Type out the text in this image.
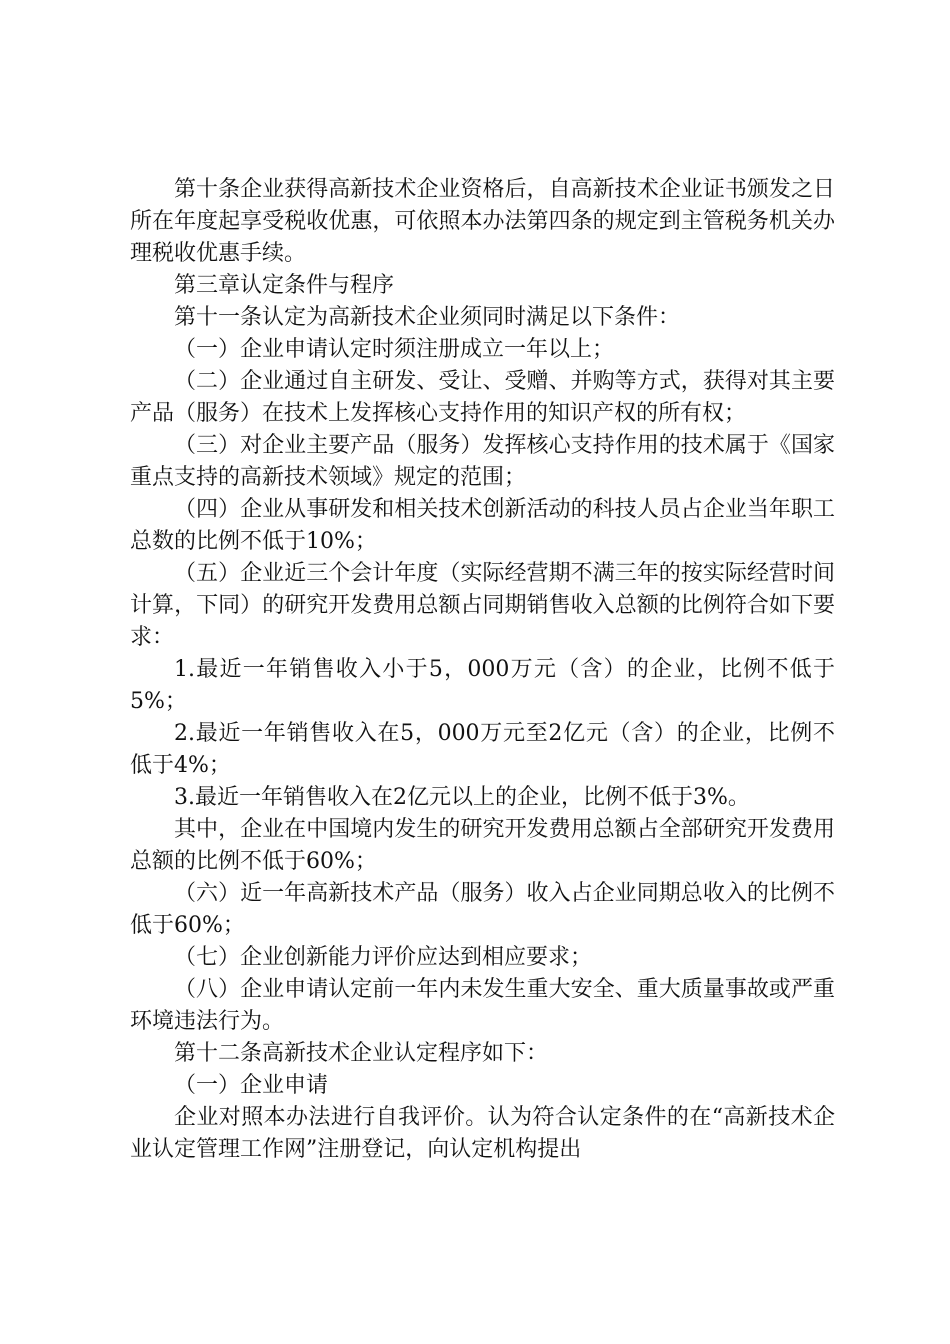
第十条企业获得高新技术企业资格后，自高新技术企业证书颁发之日所在年度起享受税收优惠，可依照本办法第四条的规定到主管税务机关办理税收优惠手续。

第三章认定条件与程序

第十一条认定为高新技术企业须同时满足以下条件：

（一）企业申请认定时须注册成立一年以上；

（二）企业通过自主研发、受让、受赠、并购等方式，获得对其主要产品（服务）在技术上发挥核心支持作用的知识产权的所有权；

（三）对企业主要产品（服务）发挥核心支持作用的技术属于《国家重点支持的高新技术领域》规定的范围；

（四）企业从事研发和相关技术创新活动的科技人员占企业当年职工总数的比例不低于10%；

（五）企业近三个会计年度（实际经营期不满三年的按实际经营时间计算，下同）的研究开发费用总额占同期销售收入总额的比例符合如下要求：

1.最近一年销售收入小于5，000万元（含）的企业，比例不低于5%；

2.最近一年销售收入在5，000万元至2亿元（含）的企业，比例不低于4%；

3.最近一年销售收入在2亿元以上的企业，比例不低于3%。

其中，企业在中国境内发生的研究开发费用总额占全部研究开发费用总额的比例不低于60%；

（六）近一年高新技术产品（服务）收入占企业同期总收入的比例不低于60%；

（七）企业创新能力评价应达到相应要求；

（八）企业申请认定前一年内未发生重大安全、重大质量事故或严重环境违法行为。

第十二条高新技术企业认定程序如下：

（一）企业申请

企业对照本办法进行自我评价。认为符合认定条件的在“高新技术企业认定管理工作网”注册登记，向认定机构提出
